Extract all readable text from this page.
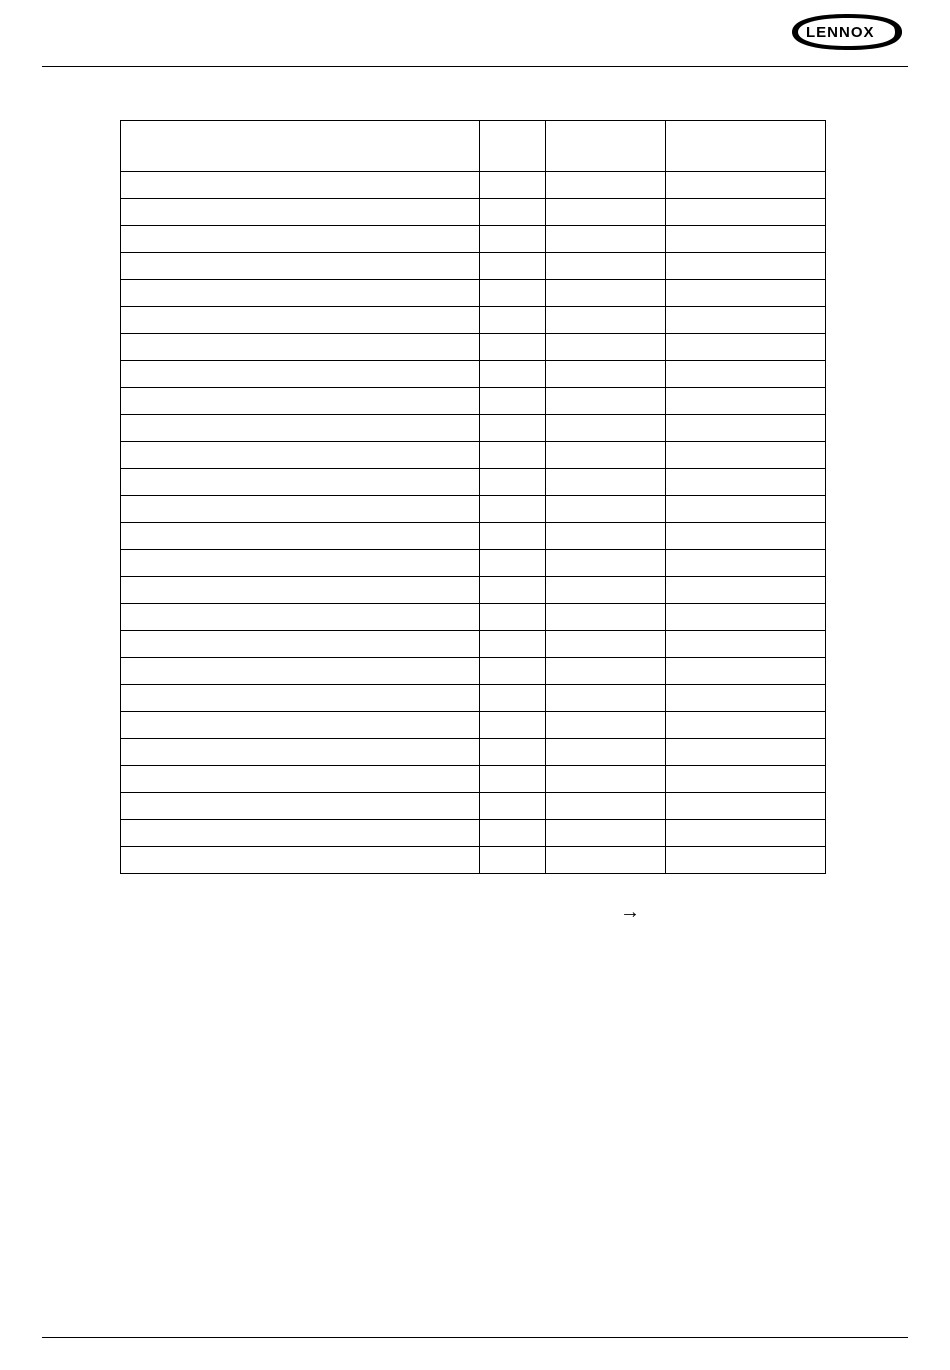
LENNOX

→
